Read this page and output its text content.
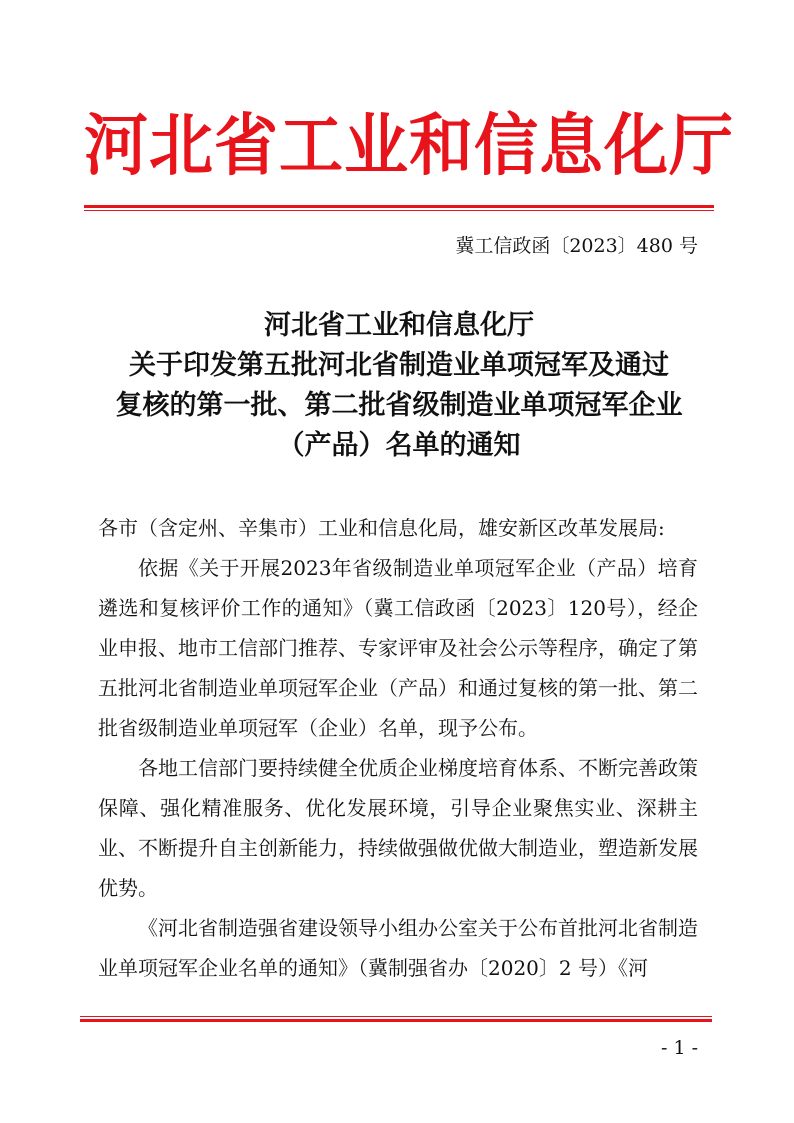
河北省工业和信息化厅
冀工信政函〔2023〕480 号
河北省工业和信息化厅
关于印发第五批河北省制造业单项冠军及通过
复核的第一批、第二批省级制造业单项冠军企业
（产品）名单的通知

各市（含定州、辛集市）工业和信息化局，雄安新区改革发展局:

依据《关于开展2023年省级制造业单项冠军企业（产品）培育遴选和复核评价工作的通知》（冀工信政函〔2023〕120号），经企业申报、地市工信部门推荐、专家评审及社会公示等程序，确定了第五批河北省制造业单项冠军企业（产品）和通过复核的第一批、第二批省级制造业单项冠军（企业）名单，现予公布。

各地工信部门要持续健全优质企业梯度培育体系、不断完善政策保障、强化精准服务、优化发展环境，引导企业聚焦实业、深耕主业、不断提升自主创新能力，持续做强做优做大制造业，塑造新发展优势。

《河北省制造强省建设领导小组办公室关于公布首批河北省制造业单项冠军企业名单的通知》（冀制强省办〔2020〕2 号）《河

- 1 -
